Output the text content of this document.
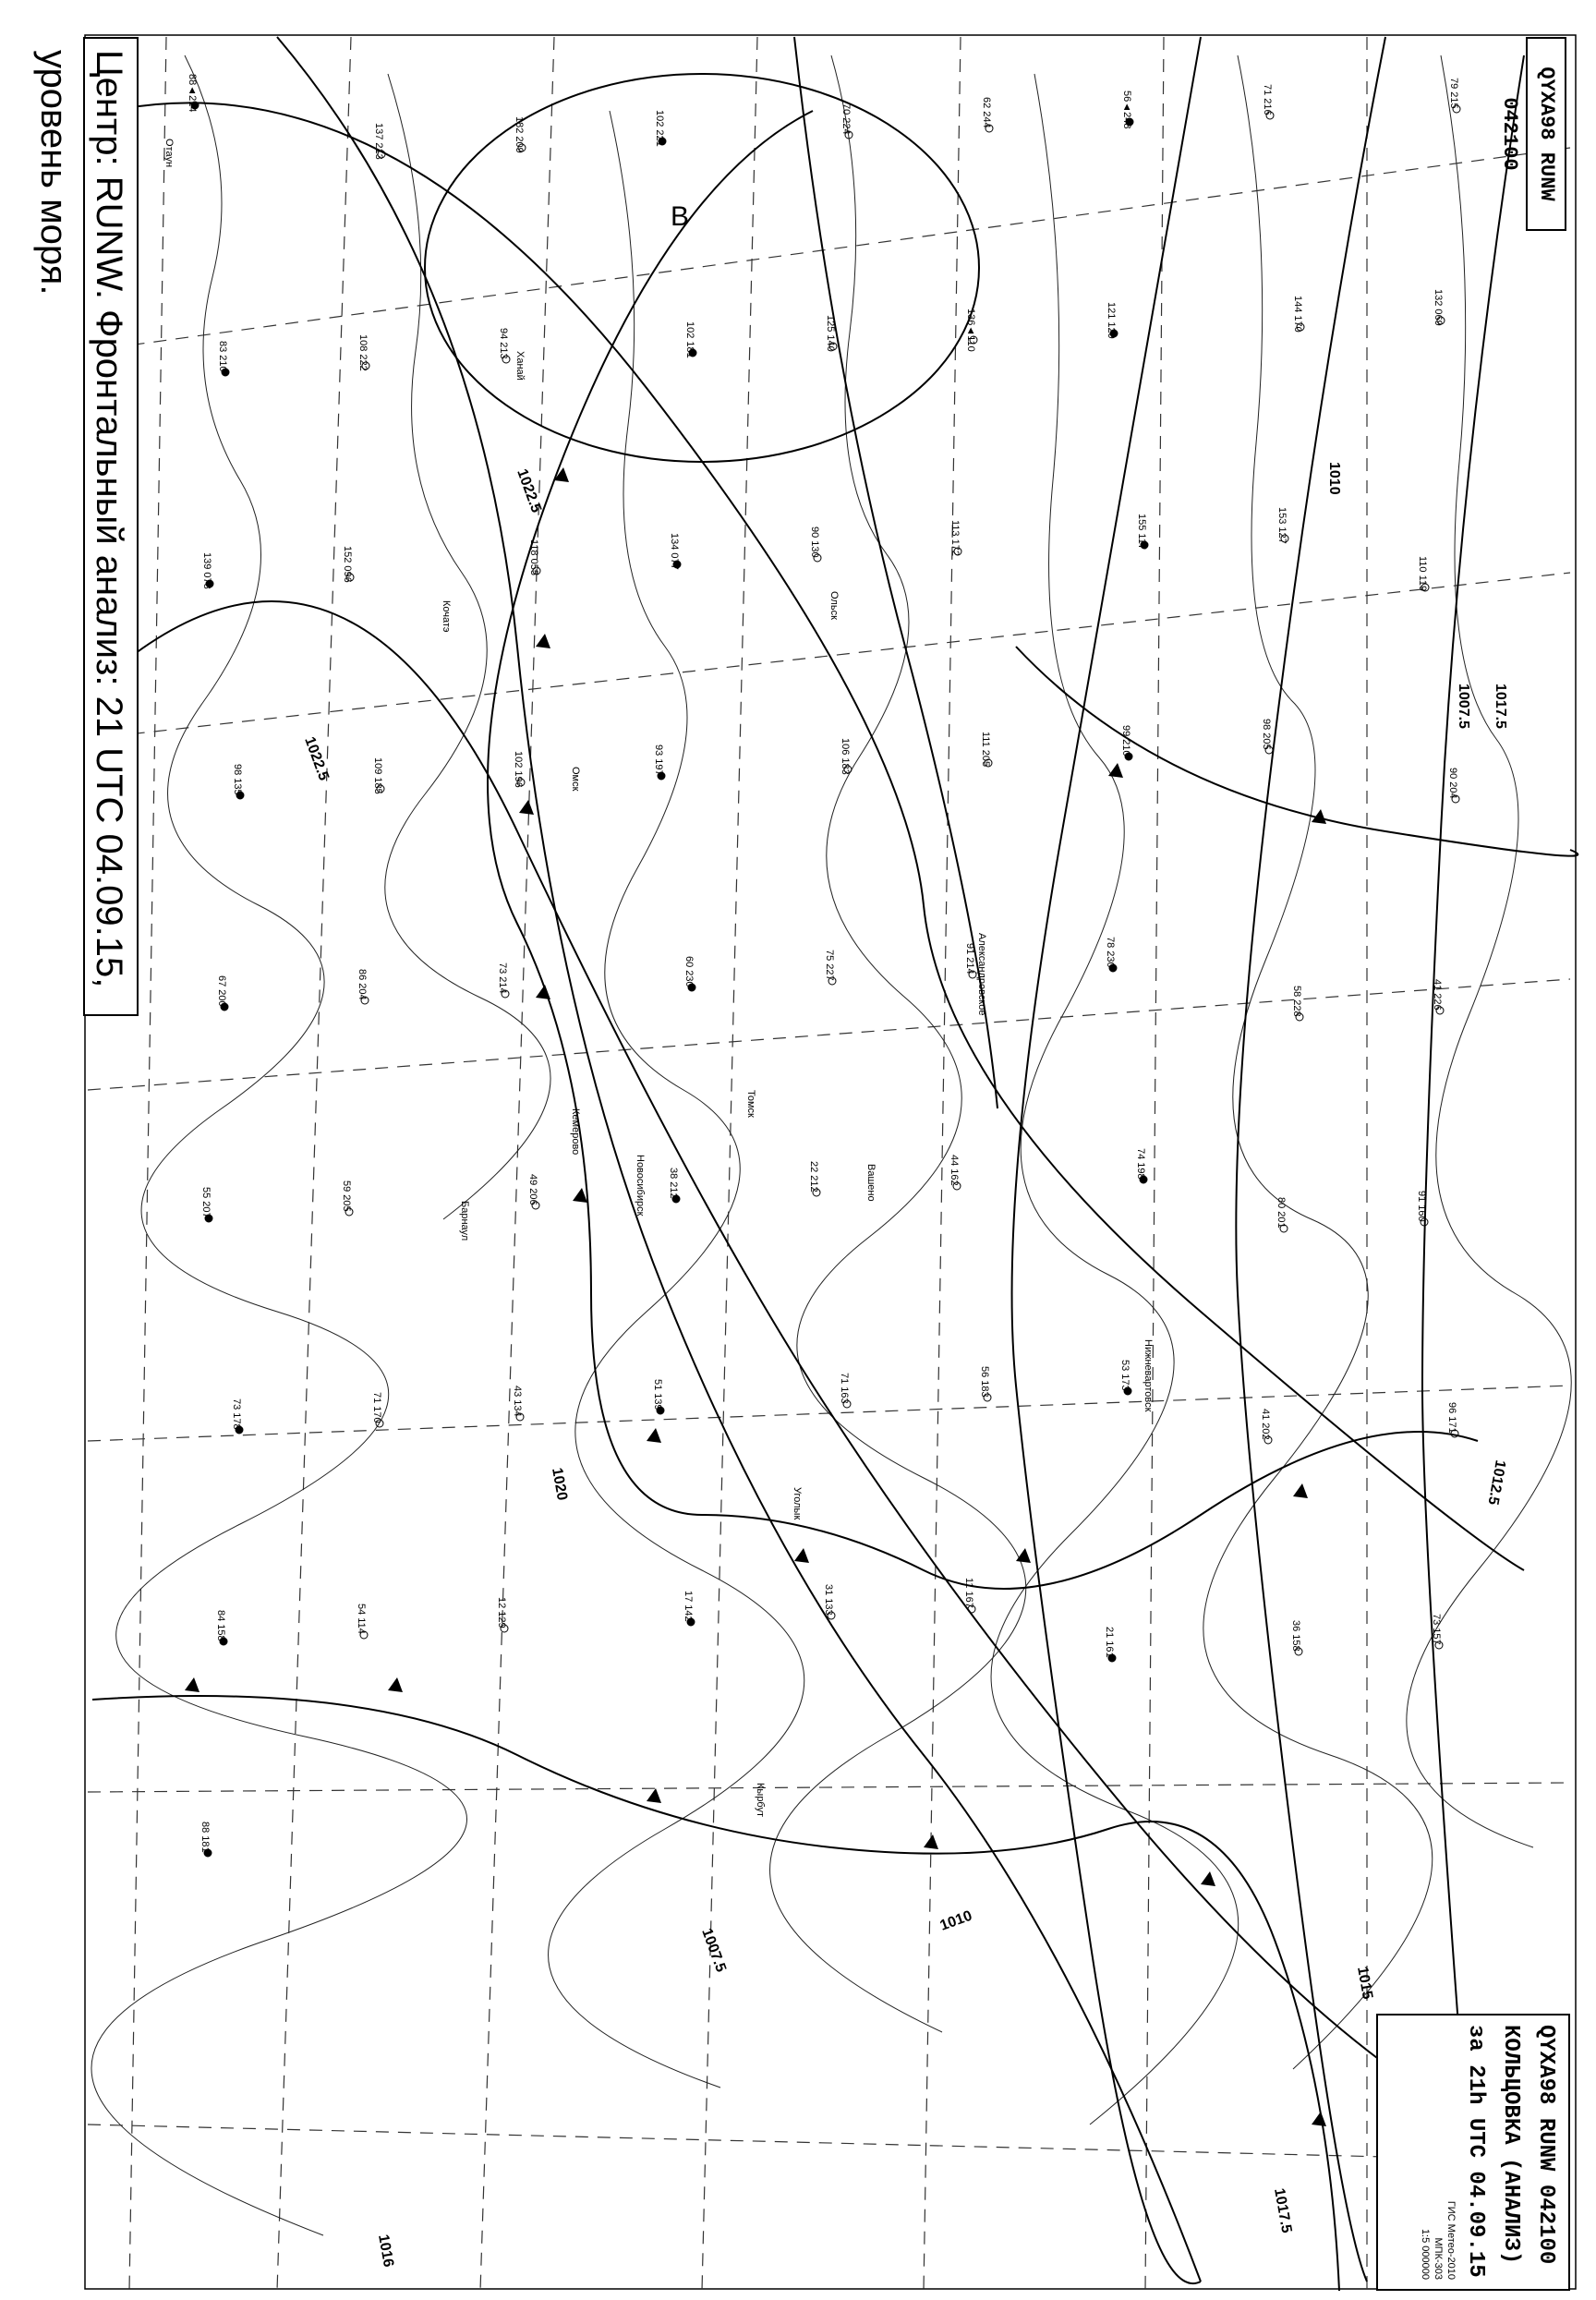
В
1022.5
1022.5
1020
1017.5
1017.5
1015
1012.5
1010
1010
1007.5
1007.5
1016
Отаун
Ханай
Кочатэ	Ольск
Омск
Новосибирск
Барнаул
Кемерово
Томск
Александровское
Нижневартовск
Уголык
Кырбут
Вашено
88◄214
137 213	182 209	102 221	70 224	62 244	56◄248	71 216	79 215
83 210	108 222	94 213	102 181	125 140	136◄110	121 129	144 170	132 069
139 078	152 096	118 055	134 077	90 130	113 172	155 117	153 127
110 119
98 135	109 185	102 196	93 197	106 183	111 205	99 210	98 205
90 204
67 200	86 204	73 214	60 230	75 227	91 214	78 230
58 228	41 226
55 207	59 205	49 206	38 212	22 212	44 162	74 198
80 201	91 160
73 178	71 170	43 134	51 139	71 163	56 183	53 173
41 202	96 171
84 158	54 114	12 129	17 142	31 133	11 167
21 161	36 158	73 157
88 181
Центр: RUNW. Фронтальный анализ: 21 UTC 04.09.15, уровень моря.	QYXA98 RUNW 042100
QYXA98 RUNW 042100
КОЛЬЦОВКА (АНАЛИЗ)
за 21h UTC 04.09.15
ГИС Метео-2010
МПК-303
1:5 000000
